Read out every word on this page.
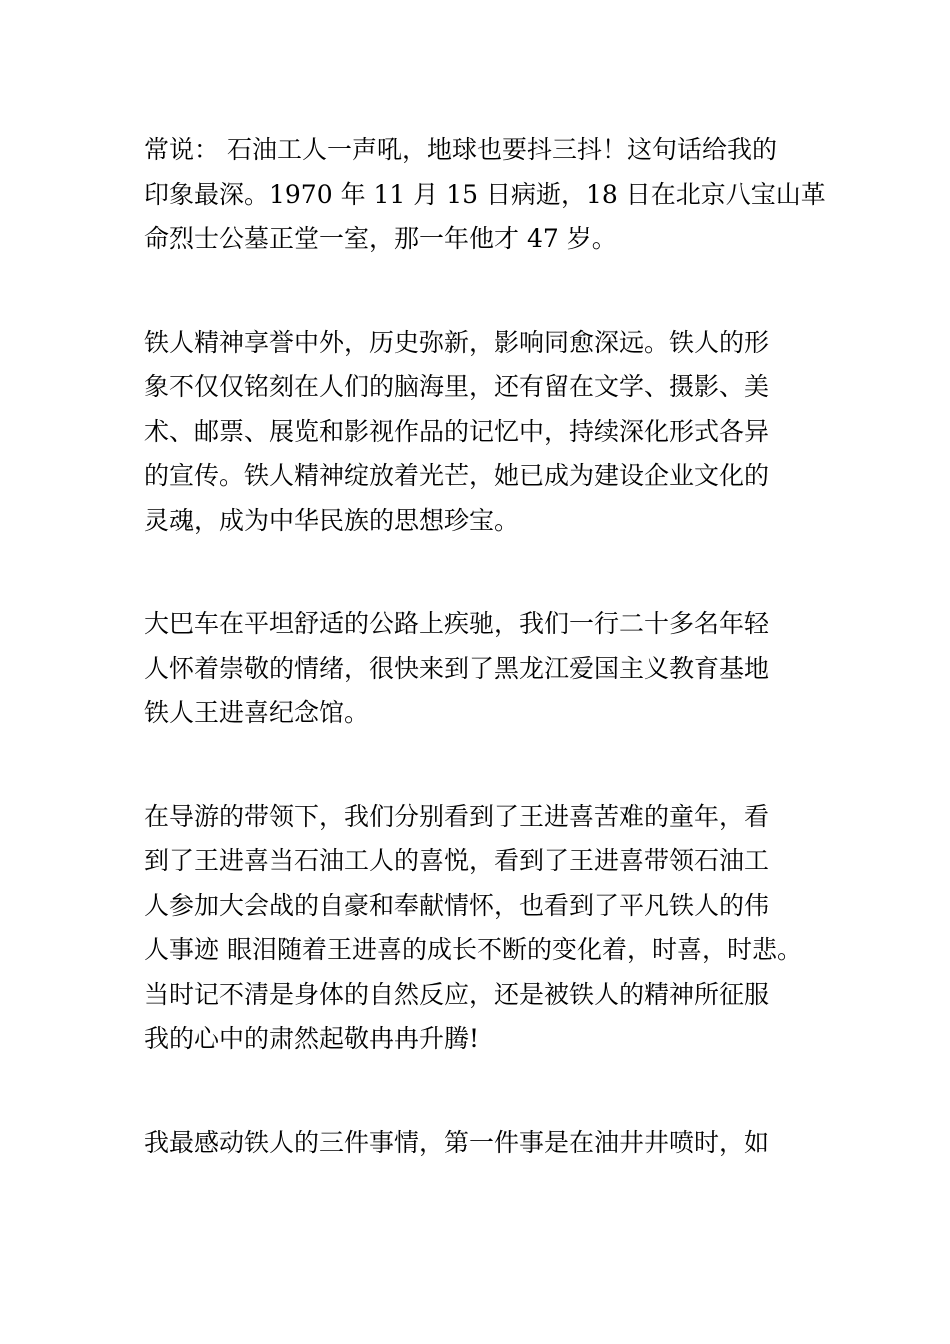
常说： 石油工人一声吼，地球也要抖三抖！这句话给我的
印象最深。1970 年 11 月 15 日病逝，18 日在北京八宝山革
命烈士公墓正堂一室，那一年他才 47 岁。
铁人精神享誉中外，历史弥新，影响同愈深远。铁人的形
象不仅仅铭刻在人们的脑海里，还有留在文学、摄影、美
术、邮票、展览和影视作品的记忆中，持续深化形式各异
的宣传。铁人精神绽放着光芒，她已成为建设企业文化的
灵魂，成为中华民族的思想珍宝。
大巴车在平坦舒适的公路上疾驰，我们一行二十多名年轻
人怀着崇敬的情绪，很快来到了黑龙江爱国主义教育基地
铁人王进喜纪念馆。
在导游的带领下，我们分别看到了王进喜苦难的童年，看
到了王进喜当石油工人的喜悦，看到了王进喜带领石油工
人参加大会战的自豪和奉献情怀，也看到了平凡铁人的伟
人事迹 眼泪随着王进喜的成长不断的变化着，时喜，时悲。
当时记不清是身体的自然反应，还是被铁人的精神所征服
我的心中的肃然起敬冉冉升腾!
我最感动铁人的三件事情，第一件事是在油井井喷时，如
